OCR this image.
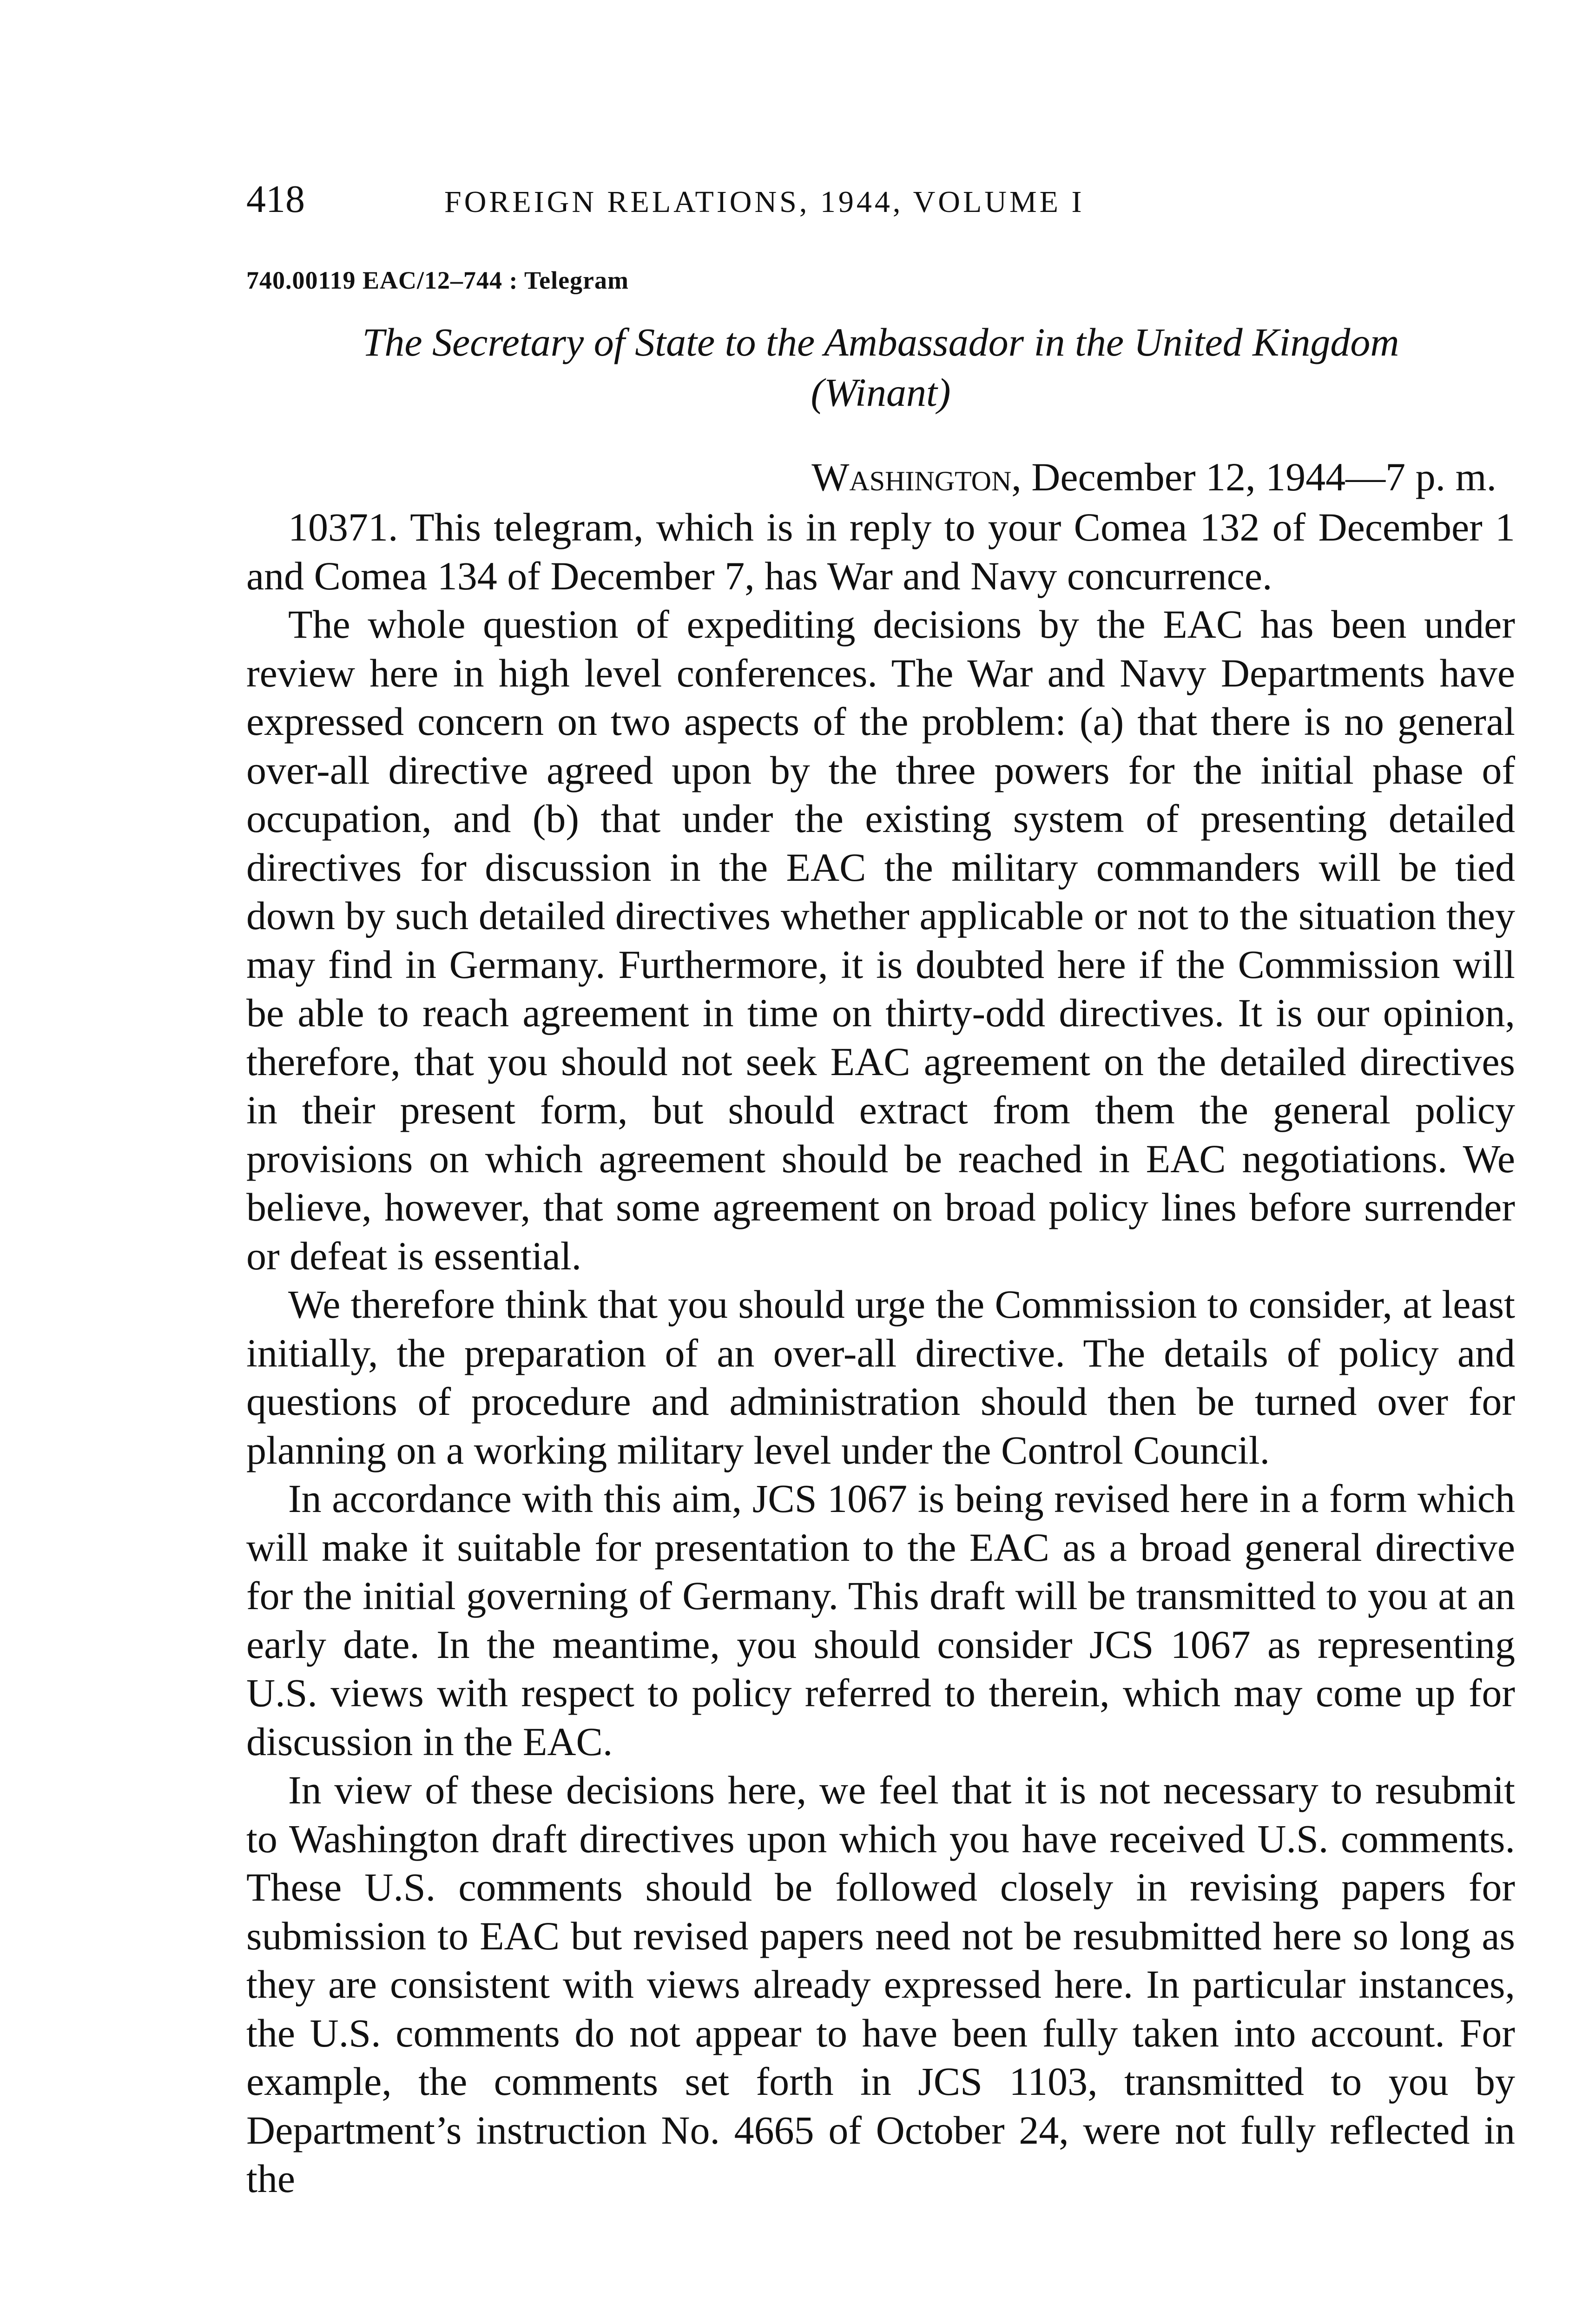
418	FOREIGN RELATIONS, 1944, VOLUME I
740.00119 EAC/12–744 : Telegram
The Secretary of State to the Ambassador in the United Kingdom
(Winant)
Washington, December 12, 1944—7 p. m.

10371. This telegram, which is in reply to your Comea 132 of December 1 and Comea 134 of December 7, has War and Navy concurrence.

The whole question of expediting decisions by the EAC has been under review here in high level conferences. The War and Navy Departments have expressed concern on two aspects of the problem: (a) that there is no general over-all directive agreed upon by the three powers for the initial phase of occupation, and (b) that under the existing system of presenting detailed directives for discussion in the EAC the military commanders will be tied down by such detailed directives whether applicable or not to the situation they may find in Germany. Furthermore, it is doubted here if the Commission will be able to reach agreement in time on thirty-odd directives. It is our opinion, therefore, that you should not seek EAC agreement on the detailed directives in their present form, but should extract from them the general policy provisions on which agreement should be reached in EAC negotiations. We believe, however, that some agreement on broad policy lines before surrender or defeat is essential.

We therefore think that you should urge the Commission to consider, at least initially, the preparation of an over-all directive. The details of policy and questions of procedure and administration should then be turned over for planning on a working military level under the Control Council.

In accordance with this aim, JCS 1067 is being revised here in a form which will make it suitable for presentation to the EAC as a broad general directive for the initial governing of Germany. This draft will be transmitted to you at an early date. In the meantime, you should consider JCS 1067 as representing U.S. views with respect to policy referred to therein, which may come up for discussion in the EAC.

In view of these decisions here, we feel that it is not necessary to resubmit to Washington draft directives upon which you have received U.S. comments. These U.S. comments should be followed closely in revising papers for submission to EAC but revised papers need not be resubmitted here so long as they are consistent with views already expressed here. In particular instances, the U.S. comments do not appear to have been fully taken into account. For example, the comments set forth in JCS 1103, transmitted to you by Department’s instruction No. 4665 of October 24, were not fully reflected in the
